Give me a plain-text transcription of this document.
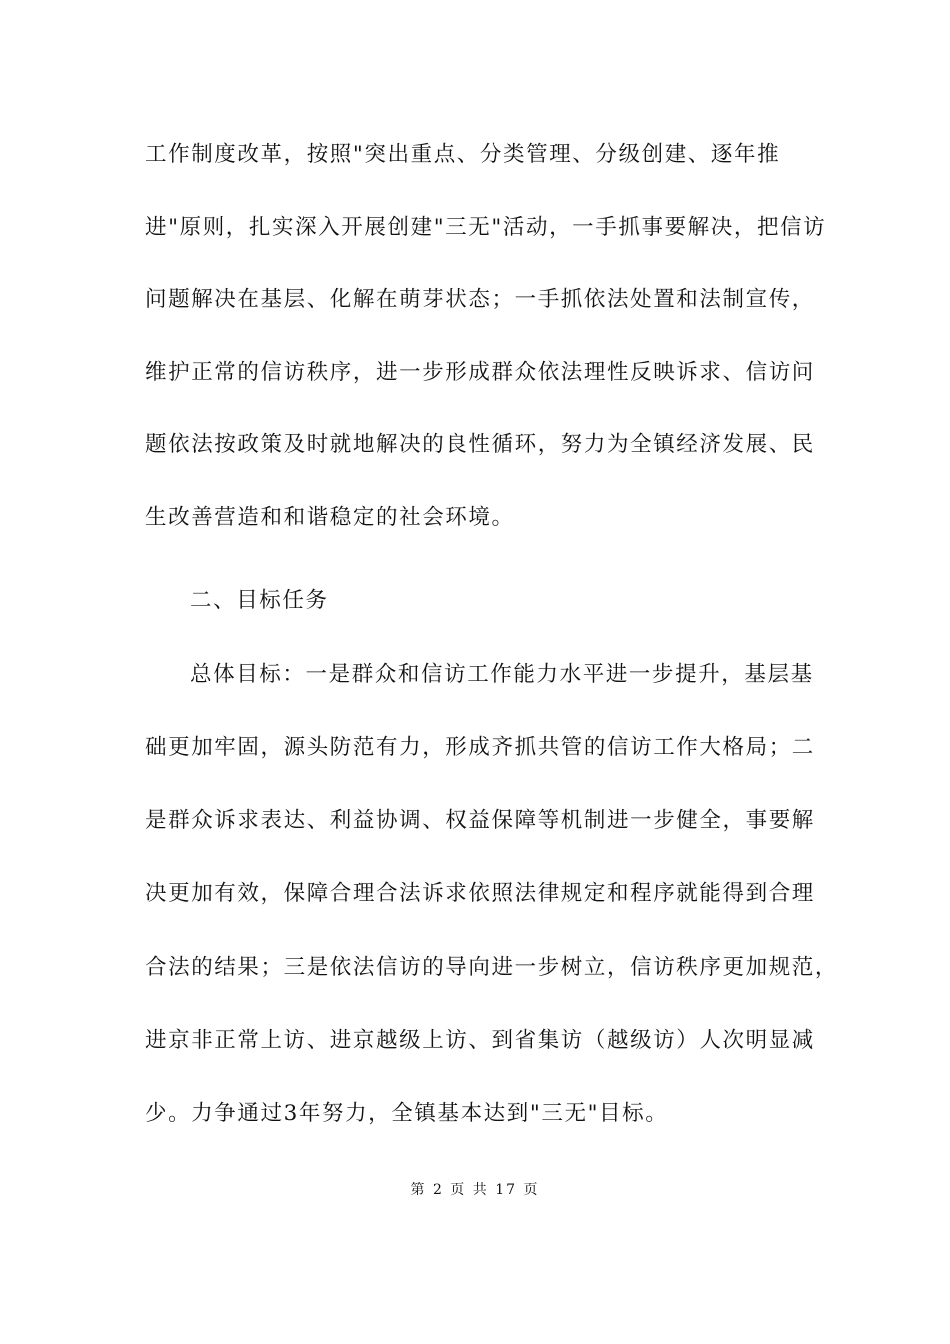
工作制度改革，按照"突出重点、分类管理、分级创建、逐年推
进"原则，扎实深入开展创建"三无"活动，一手抓事要解决，把信访
问题解决在基层、化解在萌芽状态；一手抓依法处置和法制宣传，
维护正常的信访秩序，进一步形成群众依法理性反映诉求、信访问
题依法按政策及时就地解决的良性循环，努力为全镇经济发展、民
生改善营造和和谐稳定的社会环境。
二、目标任务
总体目标：一是群众和信访工作能力水平进一步提升，基层基
础更加牢固，源头防范有力，形成齐抓共管的信访工作大格局；二
是群众诉求表达、利益协调、权益保障等机制进一步健全，事要解
决更加有效，保障合理合法诉求依照法律规定和程序就能得到合理
合法的结果；三是依法信访的导向进一步树立，信访秩序更加规范，
进京非正常上访、进京越级上访、到省集访（越级访）人次明显减
少。力争通过3年努力，全镇基本达到"三无"目标。
第 2 页 共 17 页
